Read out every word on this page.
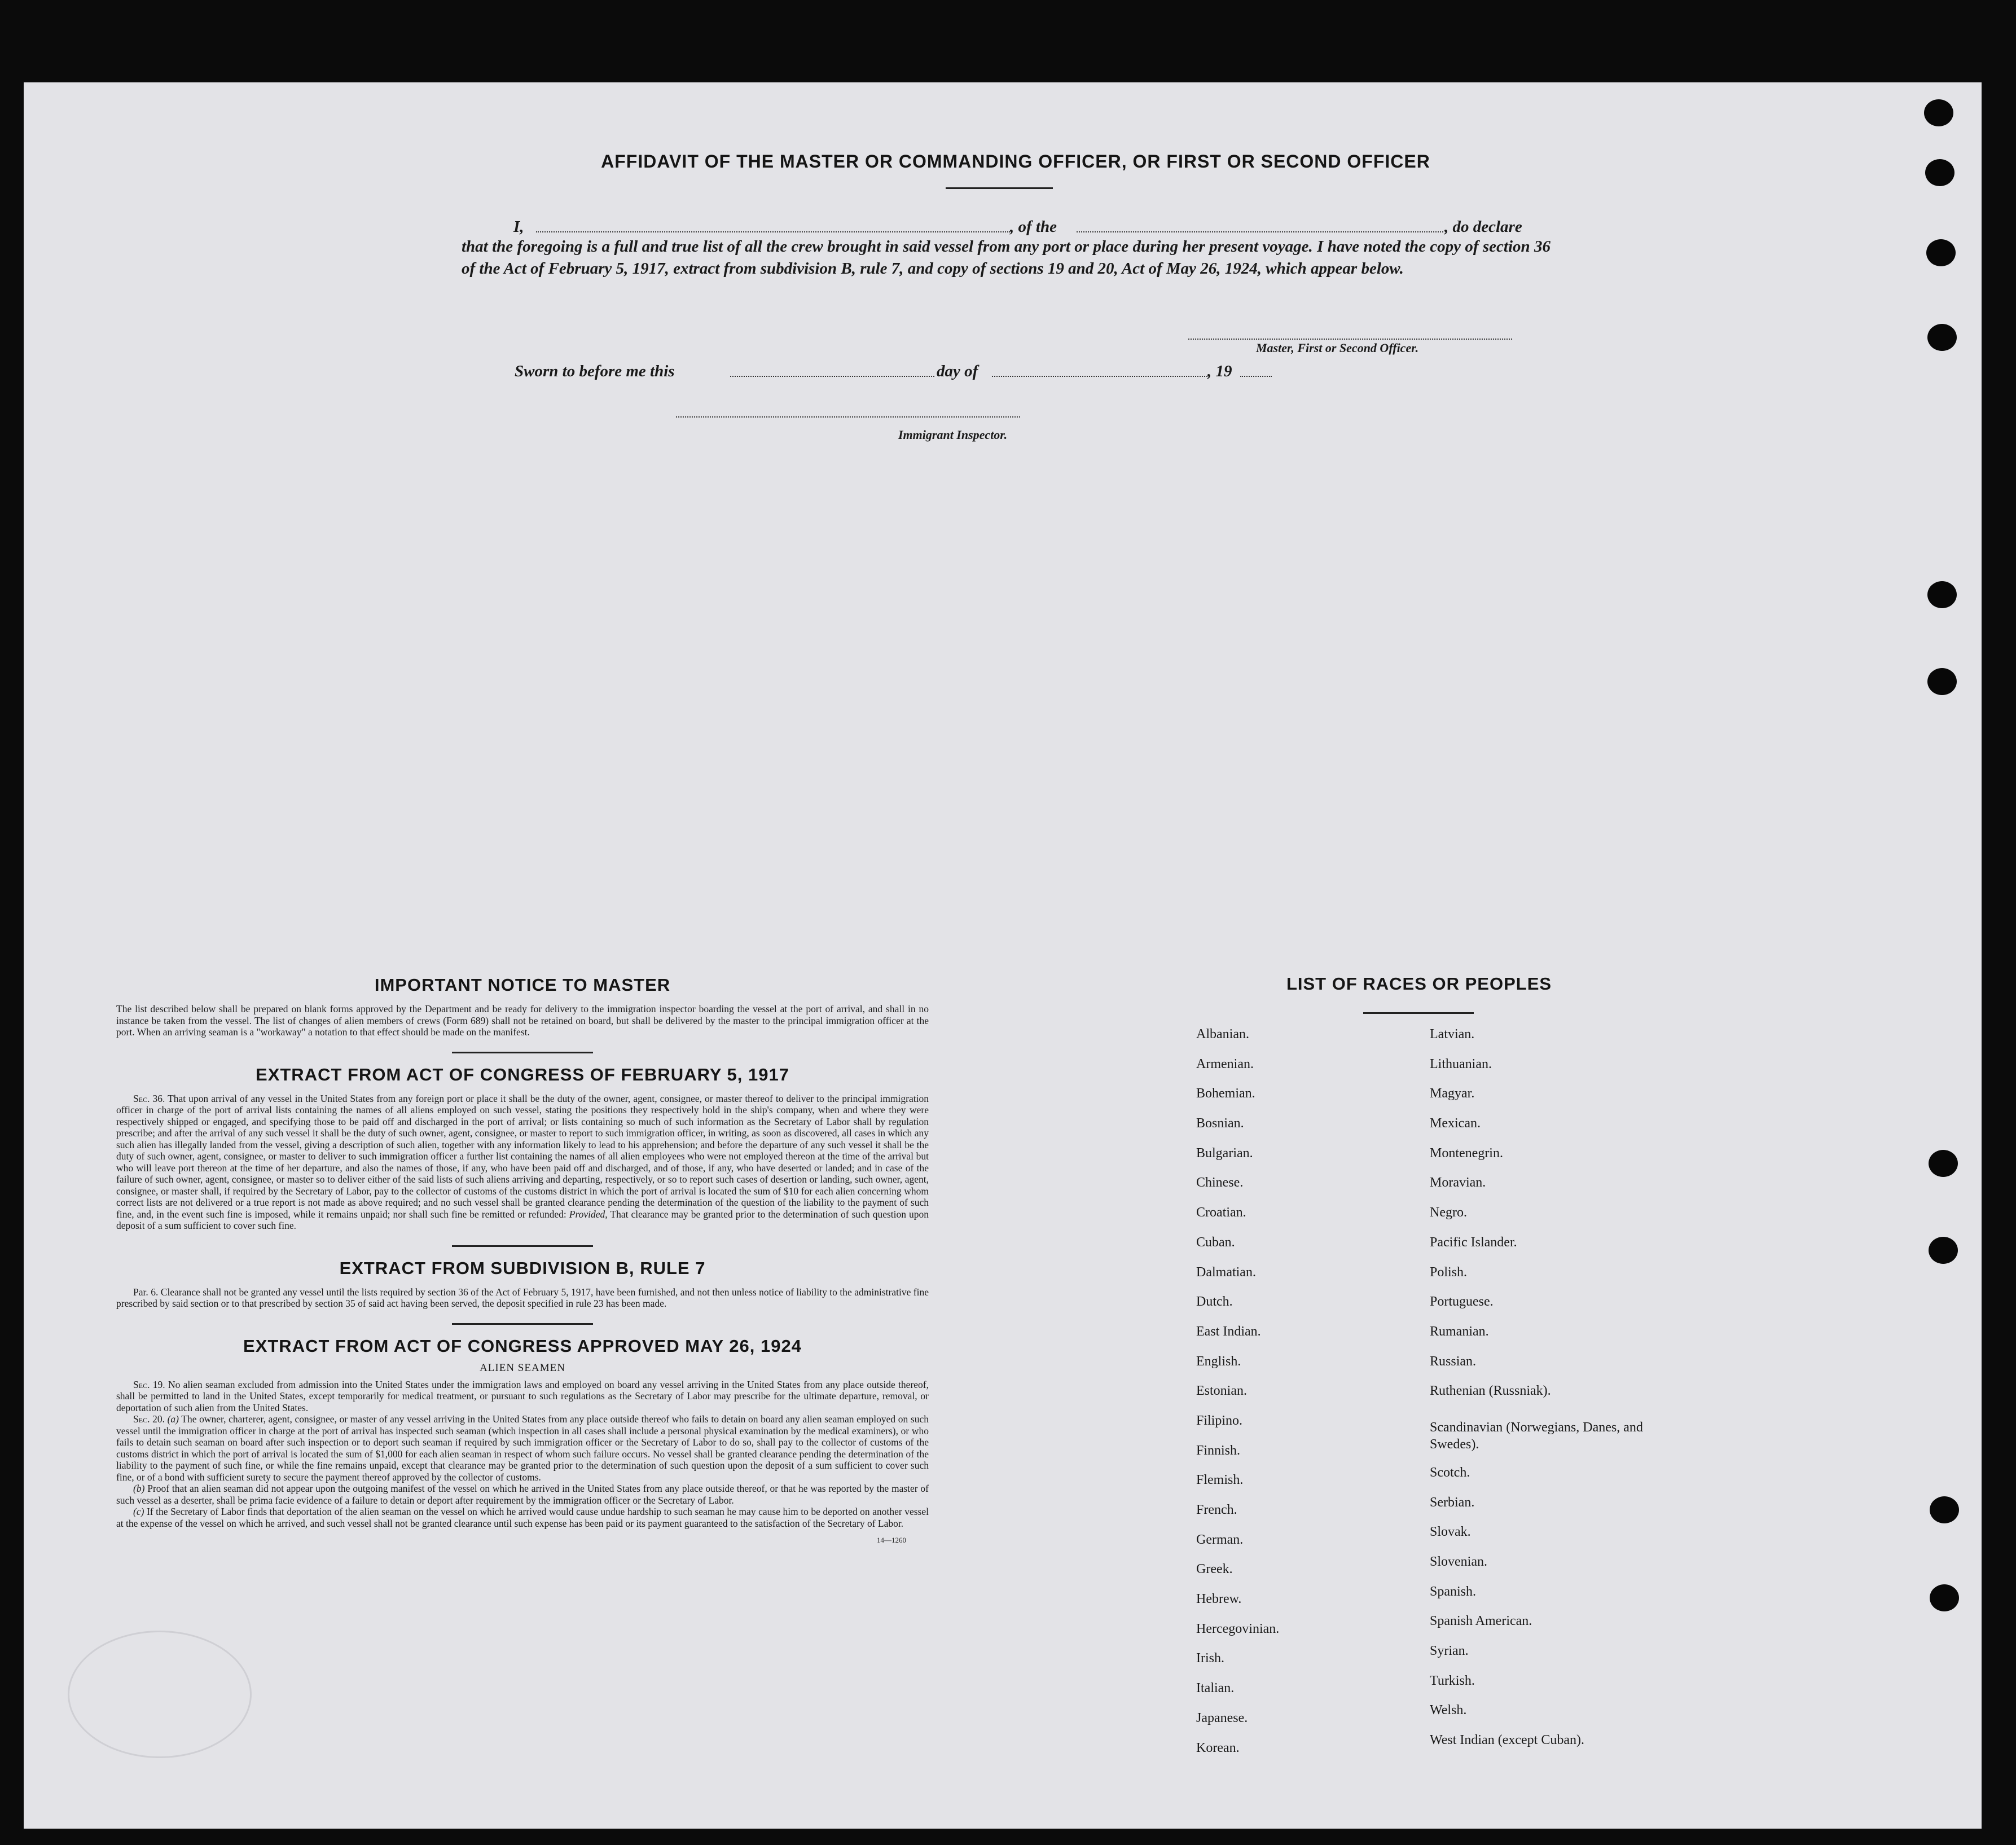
AFFIDAVIT OF THE MASTER OR COMMANDING OFFICER, OR FIRST OR SECOND OFFICER
I,	, of the	, do declare
that the foregoing is a full and true list of all the crew brought in said vessel from any port or place during her present voyage. I have noted the copy of section 36 of the Act of February 5, 1917, extract from subdivision B, rule 7, and copy of sections 19 and 20, Act of May 26, 1924, which appear below.
Master, First or Second Officer.
Sworn to before me this	day of	, 19
Immigrant Inspector.
IMPORTANT NOTICE TO MASTER

The list described below shall be prepared on blank forms approved by the Department and be ready for delivery to the immigration inspector boarding the vessel at the port of arrival, and shall in no instance be taken from the vessel. The list of changes of alien members of crews (Form 689) shall not be retained on board, but shall be delivered by the master to the principal immigration officer at the port. When an arriving seaman is a "workaway" a notation to that effect should be made on the manifest.

EXTRACT FROM ACT OF CONGRESS OF FEBRUARY 5, 1917

Sec. 36. That upon arrival of any vessel in the United States from any foreign port or place it shall be the duty of the owner, agent, consignee, or master thereof to deliver to the principal immigration officer in charge of the port of arrival lists containing the names of all aliens employed on such vessel, stating the positions they respectively hold in the ship's company, when and where they were respectively shipped or engaged, and specifying those to be paid off and discharged in the port of arrival; or lists containing so much of such information as the Secretary of Labor shall by regulation prescribe; and after the arrival of any such vessel it shall be the duty of such owner, agent, consignee, or master to report to such immigration officer, in writing, as soon as discovered, all cases in which any such alien has illegally landed from the vessel, giving a description of such alien, together with any information likely to lead to his apprehension; and before the departure of any such vessel it shall be the duty of such owner, agent, consignee, or master to deliver to such immigration officer a further list containing the names of all alien employees who were not employed thereon at the time of the arrival but who will leave port thereon at the time of her departure, and also the names of those, if any, who have been paid off and discharged, and of those, if any, who have deserted or landed; and in case of the failure of such owner, agent, consignee, or master so to deliver either of the said lists of such aliens arriving and departing, respectively, or so to report such cases of desertion or landing, such owner, agent, consignee, or master shall, if required by the Secretary of Labor, pay to the collector of customs of the customs district in which the port of arrival is located the sum of $10 for each alien concerning whom correct lists are not delivered or a true report is not made as above required; and no such vessel shall be granted clearance pending the determination of the question of the liability to the payment of such fine, and, in the event such fine is imposed, while it remains unpaid; nor shall such fine be remitted or refunded: Provided, That clearance may be granted prior to the determination of such question upon deposit of a sum sufficient to cover such fine.

EXTRACT FROM SUBDIVISION B, RULE 7

Par. 6. Clearance shall not be granted any vessel until the lists required by section 36 of the Act of February 5, 1917, have been furnished, and not then unless notice of liability to the administrative fine prescribed by said section or to that prescribed by section 35 of said act having been served, the deposit specified in rule 23 has been made.

EXTRACT FROM ACT OF CONGRESS APPROVED MAY 26, 1924
ALIEN SEAMEN

Sec. 19. No alien seaman excluded from admission into the United States under the immigration laws and employed on board any vessel arriving in the United States from any place outside thereof, shall be permitted to land in the United States, except temporarily for medical treatment, or pursuant to such regulations as the Secretary of Labor may prescribe for the ultimate departure, removal, or deportation of such alien from the United States.

Sec. 20. (a) The owner, charterer, agent, consignee, or master of any vessel arriving in the United States from any place outside thereof who fails to detain on board any alien seaman employed on such vessel until the immigration officer in charge at the port of arrival has inspected such seaman (which inspection in all cases shall include a personal physical examination by the medical examiners), or who fails to detain such seaman on board after such inspection or to deport such seaman if required by such immigration officer or the Secretary of Labor to do so, shall pay to the collector of customs of the customs district in which the port of arrival is located the sum of $1,000 for each alien seaman in respect of whom such failure occurs. No vessel shall be granted clearance pending the determination of the liability to the payment of such fine, or while the fine remains unpaid, except that clearance may be granted prior to the determination of such question upon the deposit of a sum sufficient to cover such fine, or of a bond with sufficient surety to secure the payment thereof approved by the collector of customs.

(b) Proof that an alien seaman did not appear upon the outgoing manifest of the vessel on which he arrived in the United States from any place outside thereof, or that he was reported by the master of such vessel as a deserter, shall be prima facie evidence of a failure to detain or deport after requirement by the immigration officer or the Secretary of Labor.

(c) If the Secretary of Labor finds that deportation of the alien seaman on the vessel on which he arrived would cause undue hardship to such seaman he may cause him to be deported on another vessel at the expense of the vessel on which he arrived, and such vessel shall not be granted clearance until such expense has been paid or its payment guaranteed to the satisfaction of the Secretary of Labor.

14—1260
LIST OF RACES OR PEOPLES
Albanian.
Armenian.
Bohemian.
Bosnian.
Bulgarian.
Chinese.
Croatian.
Cuban.
Dalmatian.
Dutch.
East Indian.
English.
Estonian.
Filipino.
Finnish.
Flemish.
French.
German.
Greek.
Hebrew.
Hercegovinian.
Irish.
Italian.
Japanese.
Korean.
Latvian.
Lithuanian.
Magyar.
Mexican.
Montenegrin.
Moravian.
Negro.
Pacific Islander.
Polish.
Portuguese.
Rumanian.
Russian.
Ruthenian (Russniak).
Scandinavian (Norwegians, Danes, and Swedes).
Scotch.
Serbian.
Slovak.
Slovenian.
Spanish.
Spanish American.
Syrian.
Turkish.
Welsh.
West Indian (except Cuban).
